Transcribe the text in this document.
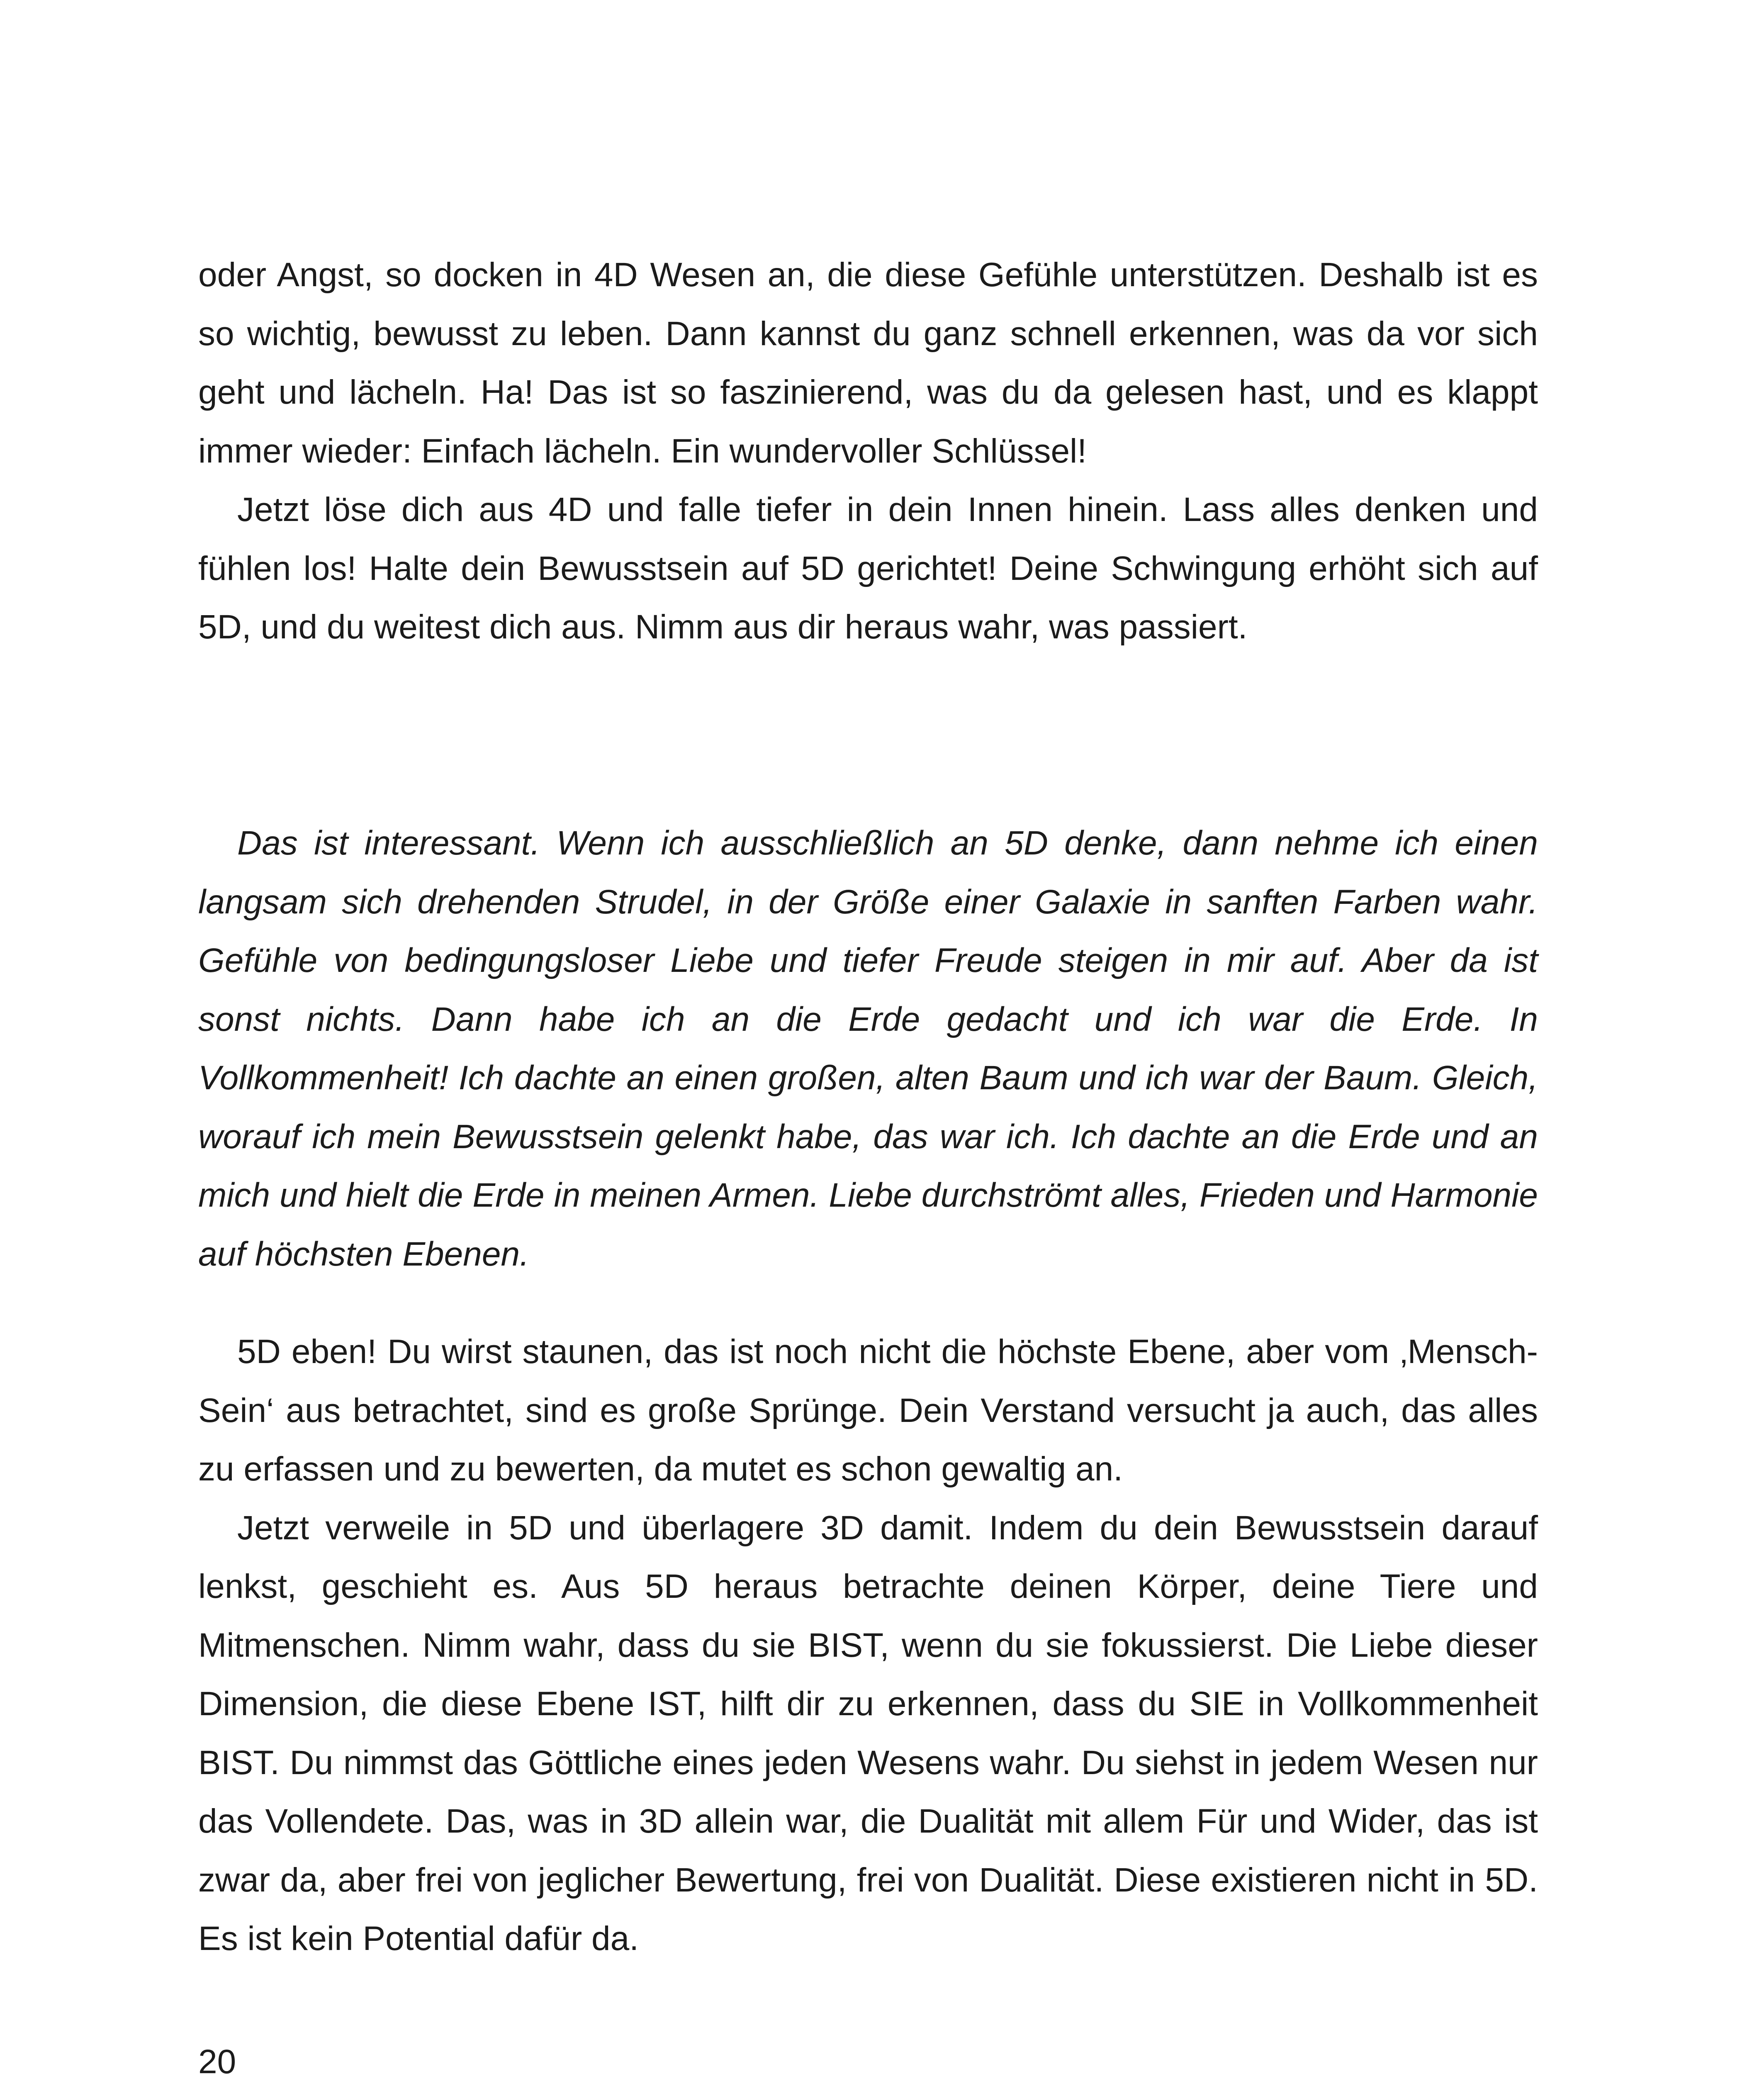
oder Angst, so docken in 4D Wesen an, die diese Gefühle unterstützen. Deshalb ist es so wichtig, bewusst zu leben. Dann kannst du ganz schnell erkennen, was da vor sich geht und lächeln. Ha! Das ist so faszinierend, was du da gelesen hast, und es klappt immer wieder: Einfach lächeln. Ein wundervoller Schlüssel!

Jetzt löse dich aus 4D und falle tiefer in dein Innen hinein. Lass alles denken und fühlen los! Halte dein Bewusstsein auf 5D gerichtet! Deine Schwingung erhöht sich auf 5D, und du weitest dich aus. Nimm aus dir heraus wahr, was passiert.

Das ist interessant. Wenn ich ausschließlich an 5D denke, dann nehme ich einen langsam sich drehenden Strudel, in der Größe einer Galaxie in sanften Farben wahr. Gefühle von bedingungsloser Liebe und tiefer Freude steigen in mir auf. Aber da ist sonst nichts. Dann habe ich an die Erde gedacht und ich war die Erde. In Vollkommenheit! Ich dachte an einen großen, alten Baum und ich war der Baum. Gleich, worauf ich mein Bewusstsein gelenkt habe, das war ich. Ich dachte an die Erde und an mich und hielt die Erde in meinen Armen. Liebe durchströmt alles, Frieden und Harmonie auf höchsten Ebenen.

5D eben! Du wirst staunen, das ist noch nicht die höchste Ebene, aber vom ‚Mensch-Sein‘ aus betrachtet, sind es große Sprünge. Dein Verstand versucht ja auch, das alles zu erfassen und zu bewerten, da mutet es schon gewaltig an.

Jetzt verweile in 5D und überlagere 3D damit. Indem du dein Bewusstsein darauf lenkst, geschieht es. Aus 5D heraus betrachte deinen Körper, deine Tiere und Mitmenschen. Nimm wahr, dass du sie BIST, wenn du sie fokussierst. Die Liebe dieser Dimension, die diese Ebene IST, hilft dir zu erkennen, dass du SIE in Vollkommenheit BIST. Du nimmst das Göttliche eines jeden Wesens wahr. Du siehst in jedem Wesen nur das Vollendete. Das, was in 3D allein war, die Dualität mit allem Für und Wider, das ist zwar da, aber frei von jeglicher Bewertung, frei von Dualität. Diese existieren nicht in 5D. Es ist kein Potential dafür da.

20
